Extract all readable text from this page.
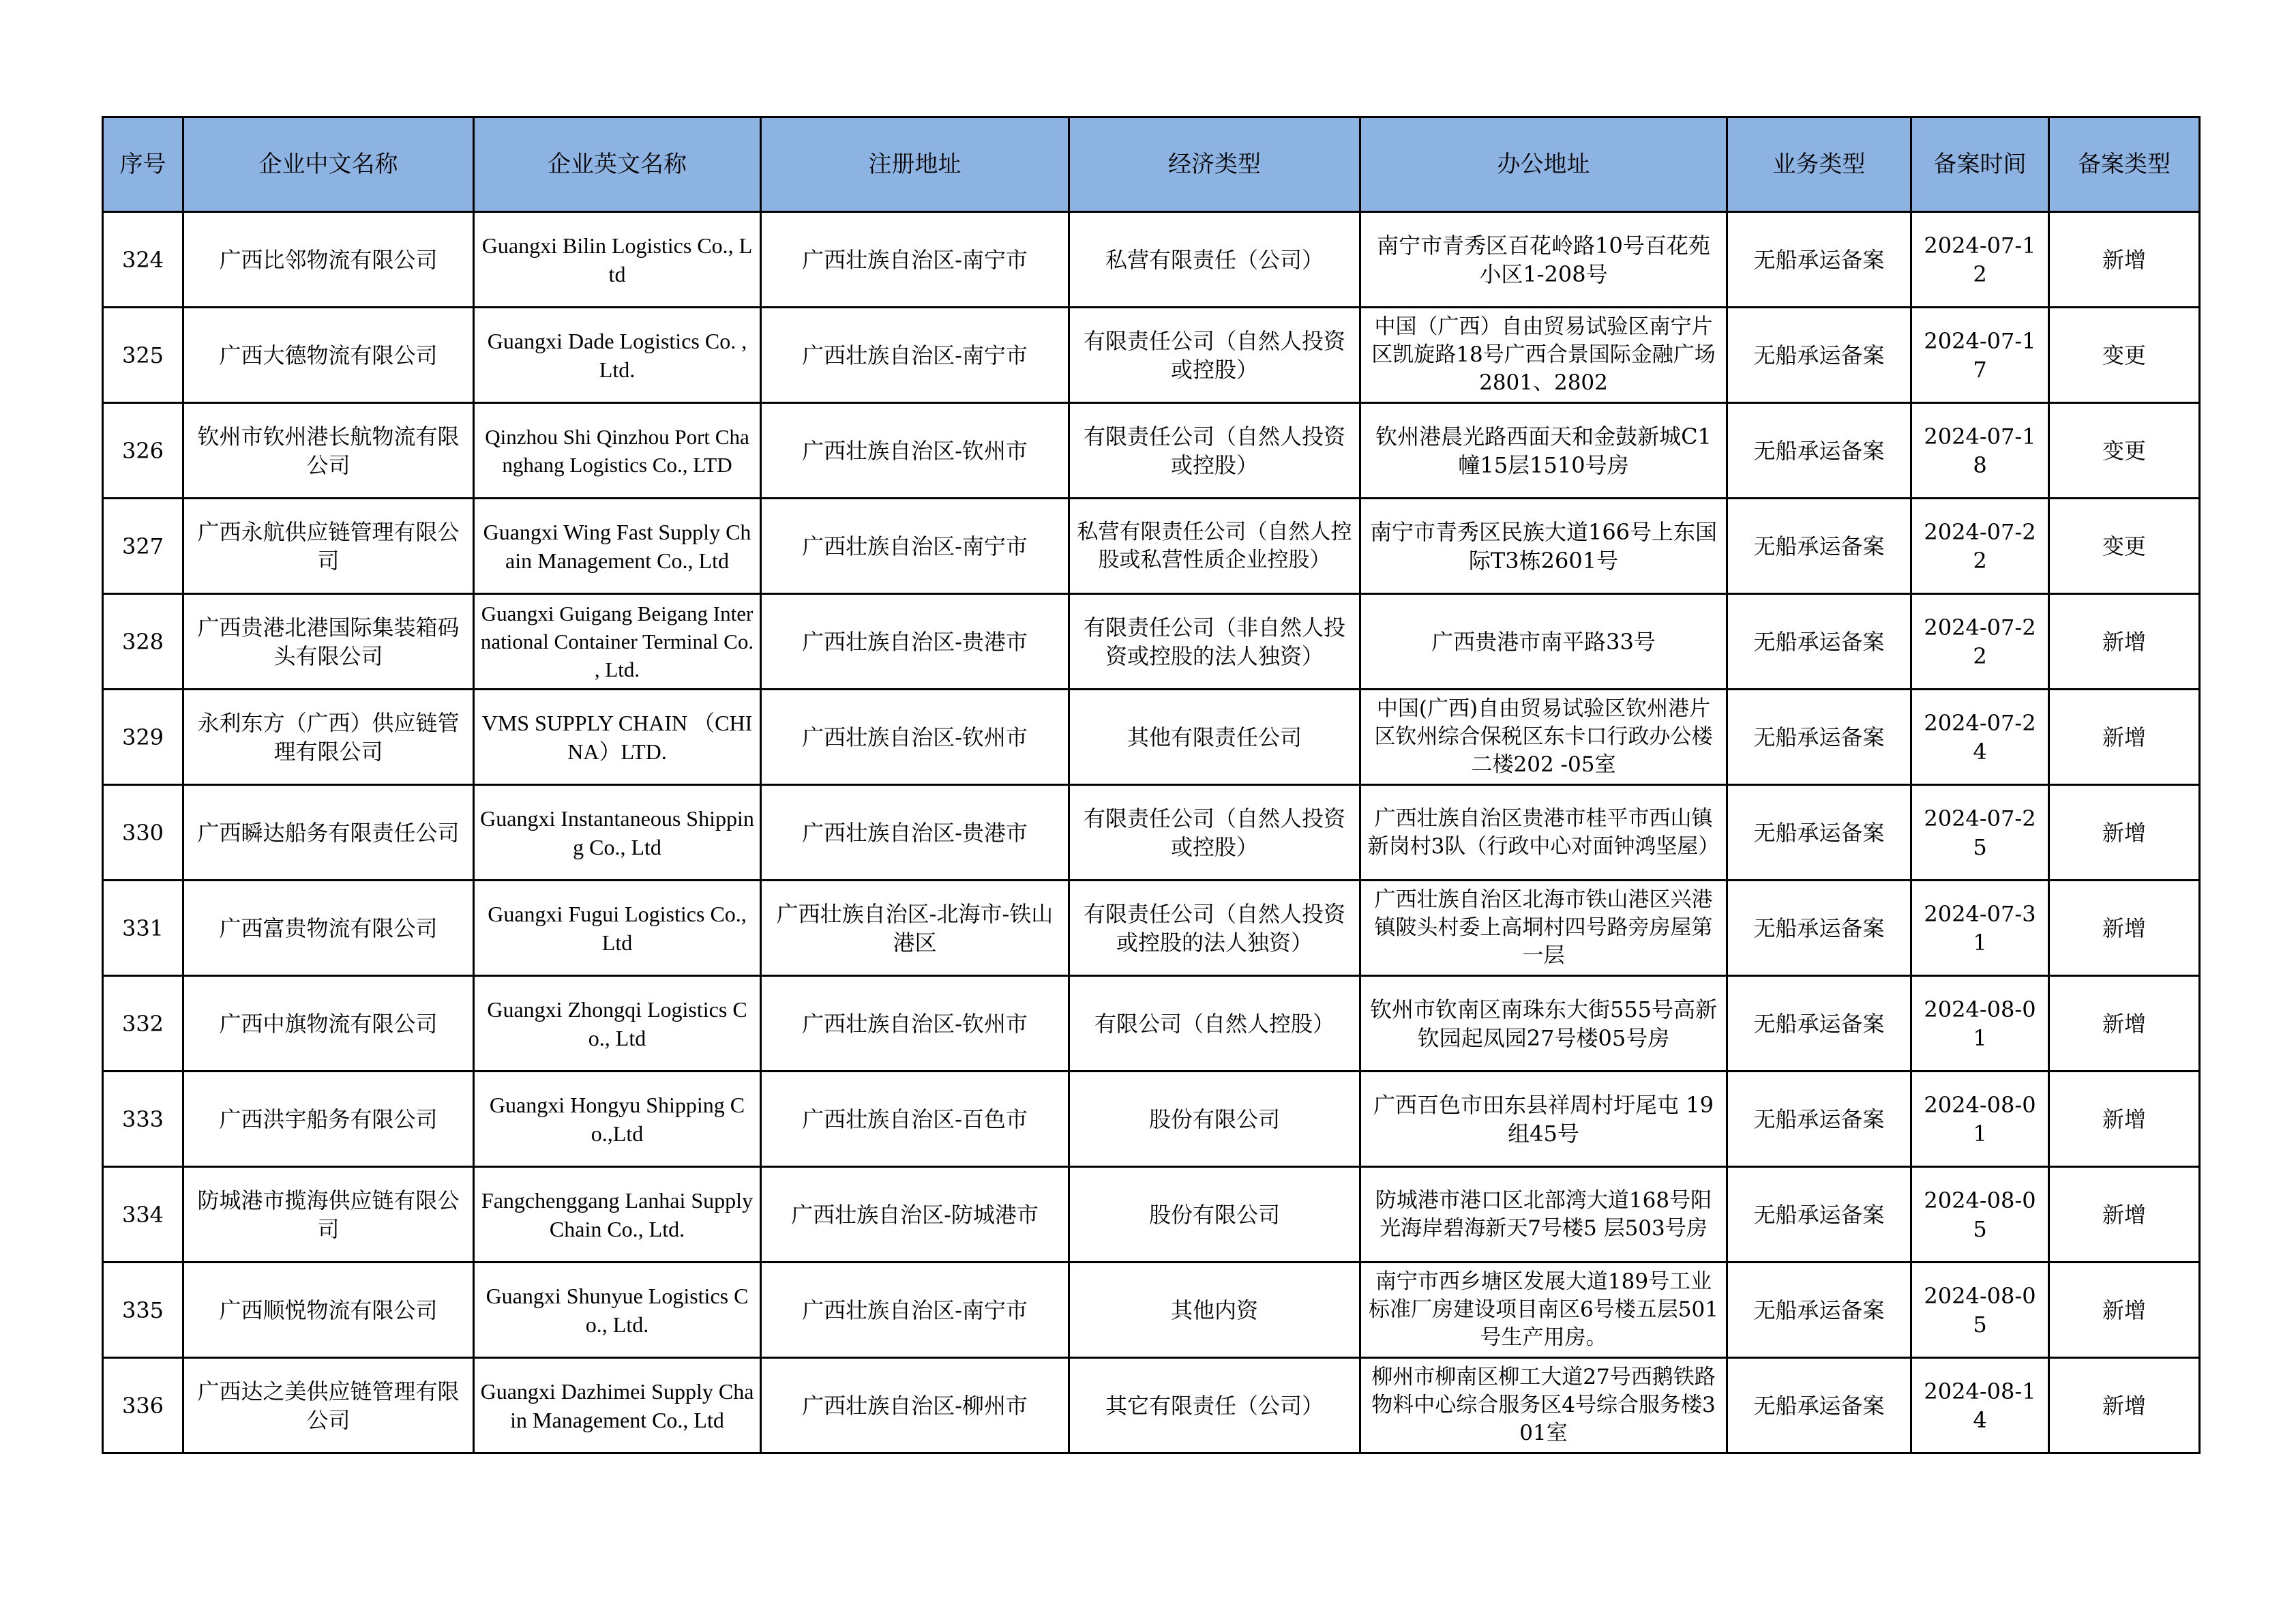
序号	企业中文名称	企业英文名称	注册地址	经济类型	办公地址	业务类型	备案时间	备案类型
324	广西比邻物流有限公司	Guangxi Bilin Logistics Co., Ltd	广西壮族自治区-南宁市	私营有限责任（公司）	南宁市青秀区百花岭路10号百花苑小区1-208号	无船承运备案	2024-07-12	新增
325	广西大德物流有限公司	Guangxi Dade Logistics Co. , Ltd.	广西壮族自治区-南宁市	有限责任公司（自然人投资或控股）	中国（广西）自由贸易试验区南宁片区凯旋路18号广西合景国际金融广场2801、2802	无船承运备案	2024-07-17	变更
326	钦州市钦州港长航物流有限公司	Qinzhou Shi Qinzhou Port Changhang Logistics Co., LTD	广西壮族自治区-钦州市	有限责任公司（自然人投资或控股）	钦州港晨光路西面天和金鼓新城C1幢15层1510号房	无船承运备案	2024-07-18	变更
327	广西永航供应链管理有限公司	Guangxi Wing Fast Supply Chain Management Co., Ltd	广西壮族自治区-南宁市	私营有限责任公司（自然人控股或私营性质企业控股）	南宁市青秀区民族大道166号上东国际T3栋2601号	无船承运备案	2024-07-22	变更
328	广西贵港北港国际集装箱码头有限公司	Guangxi Guigang Beigang International Container Terminal Co. , Ltd.	广西壮族自治区-贵港市	有限责任公司（非自然人投资或控股的法人独资）	广西贵港市南平路33号	无船承运备案	2024-07-22	新增
329	永利东方（广西）供应链管理有限公司	VMS SUPPLY CHAIN （CHINA）LTD.	广西壮族自治区-钦州市	其他有限责任公司	中国(广西)自由贸易试验区钦州港片区钦州综合保税区东卡口行政办公楼二楼202 -05室	无船承运备案	2024-07-24	新增
330	广西瞬达船务有限责任公司	Guangxi Instantaneous Shipping Co., Ltd	广西壮族自治区-贵港市	有限责任公司（自然人投资或控股）	广西壮族自治区贵港市桂平市西山镇新岗村3队（行政中心对面钟鸿坚屋）	无船承运备案	2024-07-25	新增
331	广西富贵物流有限公司	Guangxi Fugui Logistics Co., Ltd	广西壮族自治区-北海市-铁山港区	有限责任公司（自然人投资或控股的法人独资）	广西壮族自治区北海市铁山港区兴港镇陂头村委上高垌村四号路旁房屋第一层	无船承运备案	2024-07-31	新增
332	广西中旗物流有限公司	Guangxi Zhongqi Logistics Co., Ltd	广西壮族自治区-钦州市	有限公司（自然人控股）	钦州市钦南区南珠东大街555号高新钦园起凤园27号楼05号房	无船承运备案	2024-08-01	新增
333	广西洪宇船务有限公司	Guangxi Hongyu Shipping Co.,Ltd	广西壮族自治区-百色市	股份有限公司	广西百色市田东县祥周村圩尾屯 19组45号	无船承运备案	2024-08-01	新增
334	防城港市揽海供应链有限公司	Fangchenggang Lanhai Supply Chain Co., Ltd.	广西壮族自治区-防城港市	股份有限公司	防城港市港口区北部湾大道168号阳光海岸碧海新天7号楼5 层503号房	无船承运备案	2024-08-05	新增
335	广西顺悦物流有限公司	Guangxi Shunyue Logistics Co., Ltd.	广西壮族自治区-南宁市	其他内资	南宁市西乡塘区发展大道189号工业标准厂房建设项目南区6号楼五层501号生产用房。	无船承运备案	2024-08-05	新增
336	广西达之美供应链管理有限公司	Guangxi Dazhimei Supply Chain Management Co., Ltd	广西壮族自治区-柳州市	其它有限责任（公司）	柳州市柳南区柳工大道27号西鹅铁路物料中心综合服务区4号综合服务楼301室	无船承运备案	2024-08-14	新增
